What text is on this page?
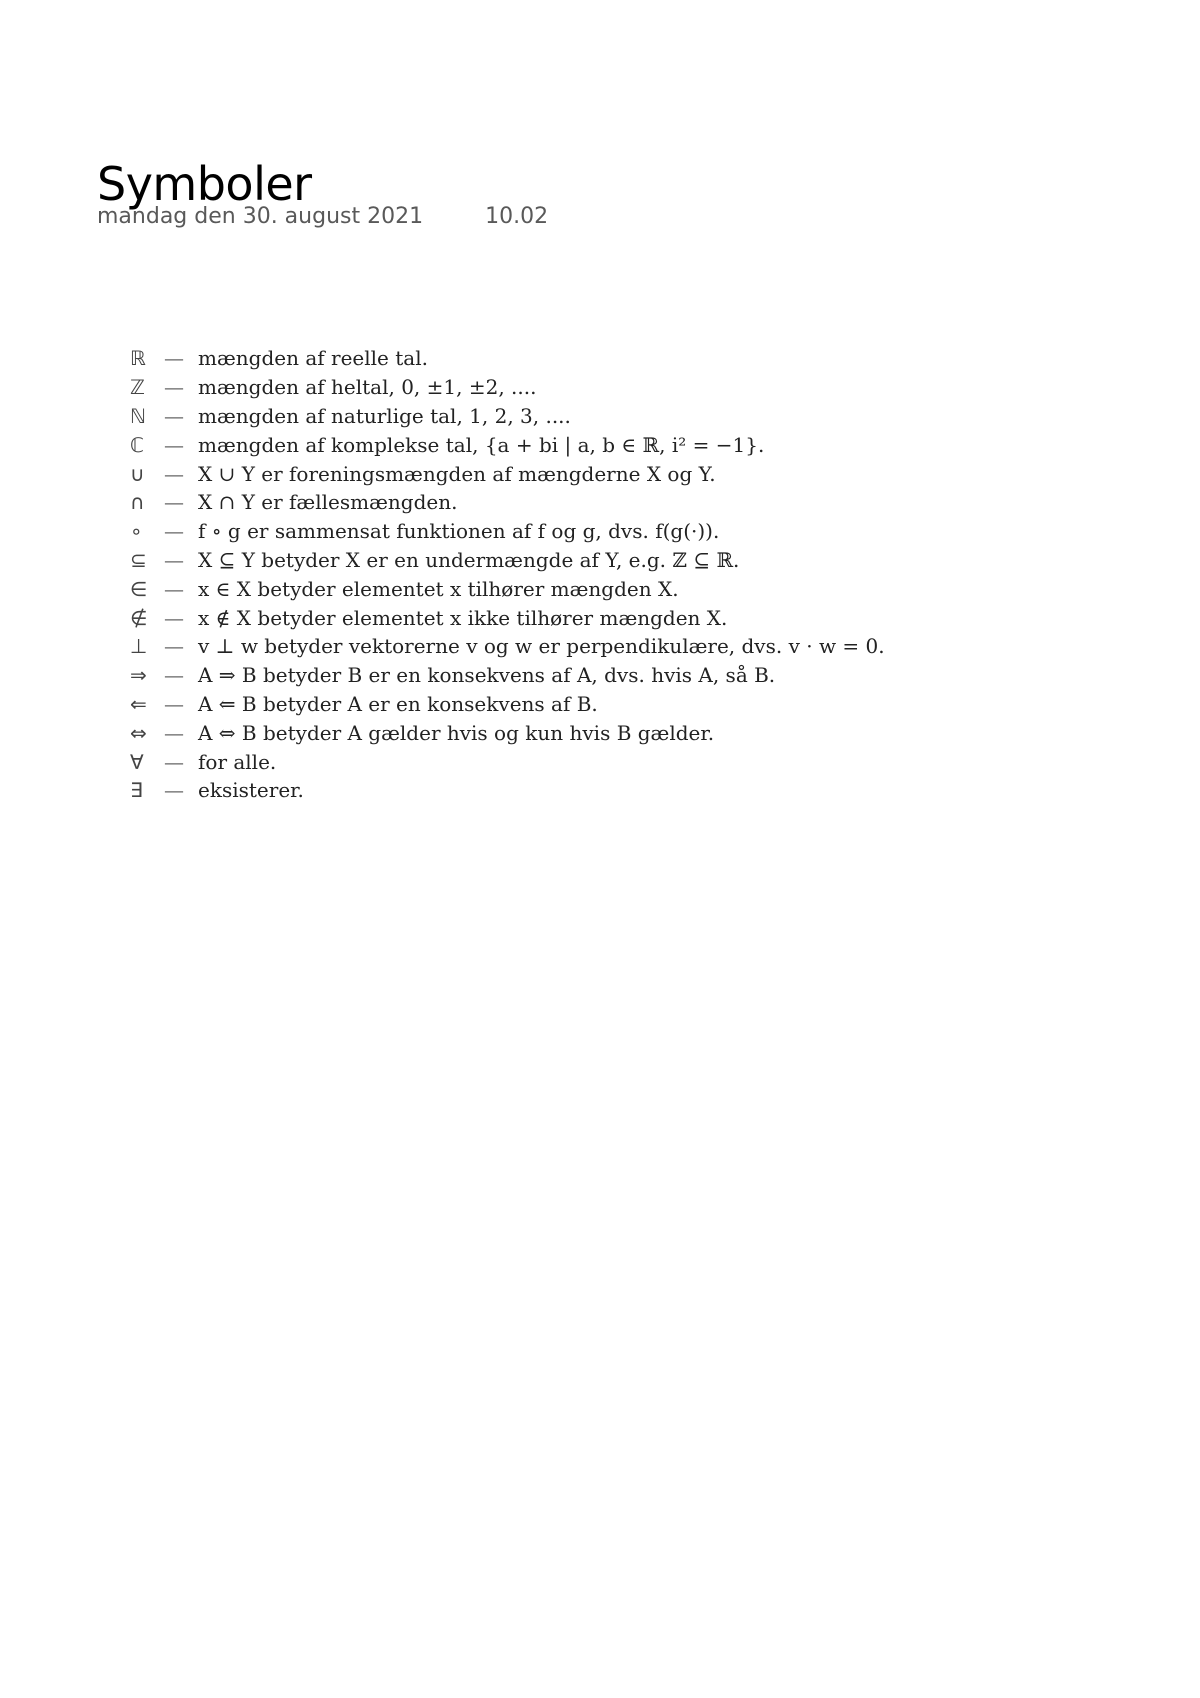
Symboler
mandag den 30. august 2021	10.02
ℝ — mængden af reelle tal.
ℤ — mængden af heltal, 0, ±1, ±2, ....
ℕ — mængden af naturlige tal, 1, 2, 3, ....
ℂ	— mængden af komplekse tal, {a + bi | a, b ∈ ℝ, i² = −1}.
∪ — X ∪ Y er foreningsmængden af mængderne X og Y.
∩ — X ∩ Y er fællesmængden.
∘	— f ∘ g er sammensat funktionen af f og g, dvs. f(g(·)).
⊆ — X ⊆ Y betyder X er en undermængde af Y, e.g. ℤ ⊆ ℝ.
∈ — x ∈ X betyder elementet x tilhører mængden X.
∉ — x ∉ X betyder elementet x ikke tilhører mængden X.
⊥ — v ⊥ w betyder vektorerne v og w er perpendikulære, dvs. v · w = 0.
⇒ — A ⇒ B betyder B er en konsekvens af A, dvs. hvis A, så B.
⇐ — A ⇐ B betyder A er en konsekvens af B.
⇔ — A ⇔ B betyder A gælder hvis og kun hvis B gælder.
∀	— for alle.
∃	— eksisterer.
